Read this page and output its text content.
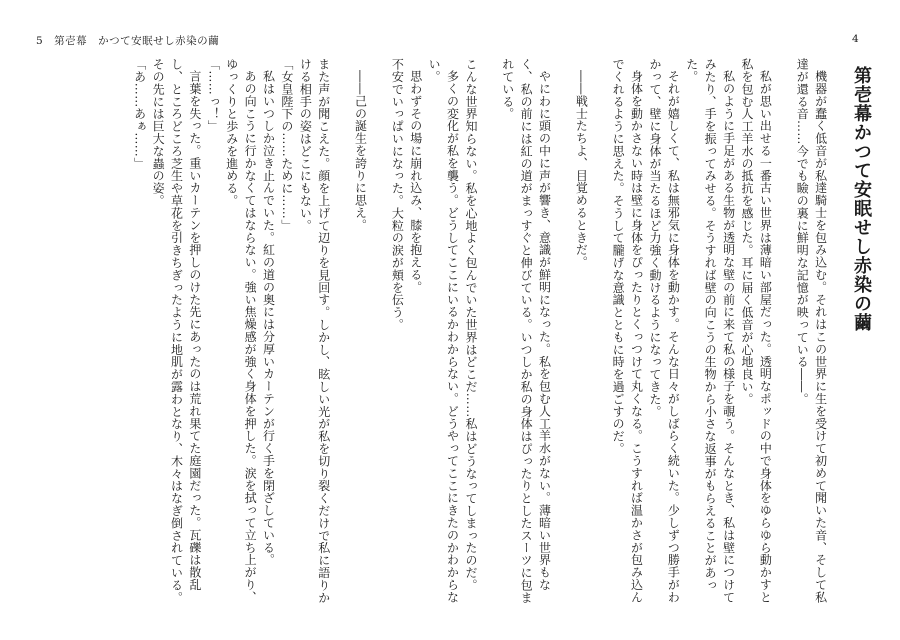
5　第壱幕　かつて安眠せし赤染の繭	4
第壱幕かつて安眠せし赤染の繭

機器が蠢く低音が私達騎士を包み込む。それはこの世界に生を受けて初めて聞いた音、そして私達が還る音……今でも瞼の裏に鮮明な記憶が映っている――。

私が思い出せる一番古い世界は薄暗い部屋だった。透明なポッドの中で身体をゆらゆら動かすと私を包む人工羊水の抵抗を感じた。耳に届く低音が心地良い。

私のように手足がある生物が透明な壁の前に来て私の様子を覗う。そんなとき、私は壁につけてみたり、手を振ってみせる。そうすれば壁の向こうの生物から小さな返事がもらえることがあった。

それが嬉しくて、私は無邪気に身体を動かす。そんな日々がしばらく続いた。少しずつ勝手がわかって、壁に身体が当たるほど力強く動けるようになってきた。

身体を動かさない時は壁に身体をぴったりとくっつけて丸くなる。こうすれば温かさが包み込んでくれるように思えた。そうして朧げな意識とともに時を過ごすのだ。

――戦士たちよ、目覚めるときだ。

やにわに頭の中に声が響き、意識が鮮明になった。私を包む人工羊水がない。薄暗い世界もなく、私の前には紅の道がまっすぐと伸びている。いつしか私の身体はぴったりとしたスーツに包まれている。

こんな世界知らない。私を心地よく包んでいた世界はどこだ……私はどうなってしまったのだ。

多くの変化が私を襲う。どうしてここにいるかわからない。どうやってここにきたのかわからない。

思わずその場に崩れ込み、膝を抱える。

不安でいっぱいになった。大粒の涙が頬を伝う。

――己の誕生を誇りに思え。

また声が聞こえた。顔を上げて辺りを見回す。しかし、眩しい光が私を切り裂くだけで私に語りかける相手の姿はどこにもない。

「女皇陛下の……ために……」

私はいつしか泣き止んでいた。紅の道の奥には分厚いカーテンが行く手を閉ざしている。

あの向こうに行かなくてはならない。強い焦燥感が強く身体を押した。涙を拭って立ち上がり、ゆっくりと歩みを進める。

「……っ！」

言葉を失った。重いカーテンを押しのけた先にあったのは荒れ果てた庭園だった。瓦礫は散乱し、ところどころ芝生や草花を引きちぎったように地肌が露わとなり、木々はなぎ倒されている。その先には巨大な蟲の姿。

「あ……あぁ……」
